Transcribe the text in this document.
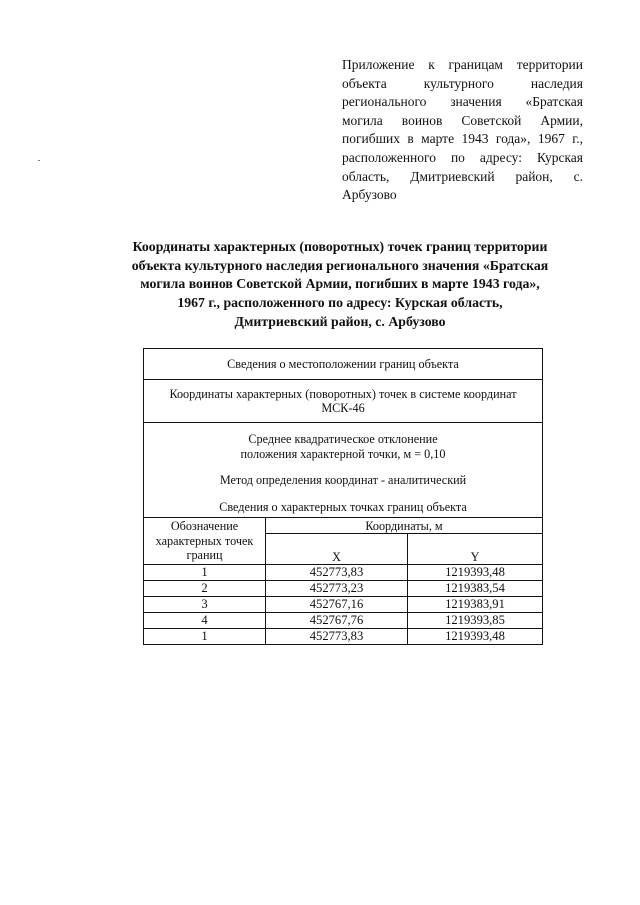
Приложение к границам территории объекта культурного наследия регионального значения «Братская могила воинов Советской Армии, погибших в марте 1943 года», 1967 г., расположенного по адресу: Курская область, Дмитриевский район, с. Арбузово
Координаты характерных (поворотных) точек границ территории
объекта культурного наследия регионального значения «Братская
могила воинов Советской Армии, погибших в марте 1943 года»,
1967 г., расположенного по адресу: Курская область,
Дмитриевский район, с. Арбузово
Сведения о местоположении границ объекта		

Координаты характерных (поворотных) точек в системе координат
МСК-46		

Среднее квадратическое отклонение
положения характерной точки, м = 0,10
Метод определения координат - аналитический
Сведения о характерных точках границ объекта		

Обозначение характерных точек границ	Координаты, м	
	X	Y
1	452773,83	1219393,48
2	452773,23	1219383,54
3	452767,16	1219383,91
4	452767,76	1219393,85
1	452773,83	1219393,48
